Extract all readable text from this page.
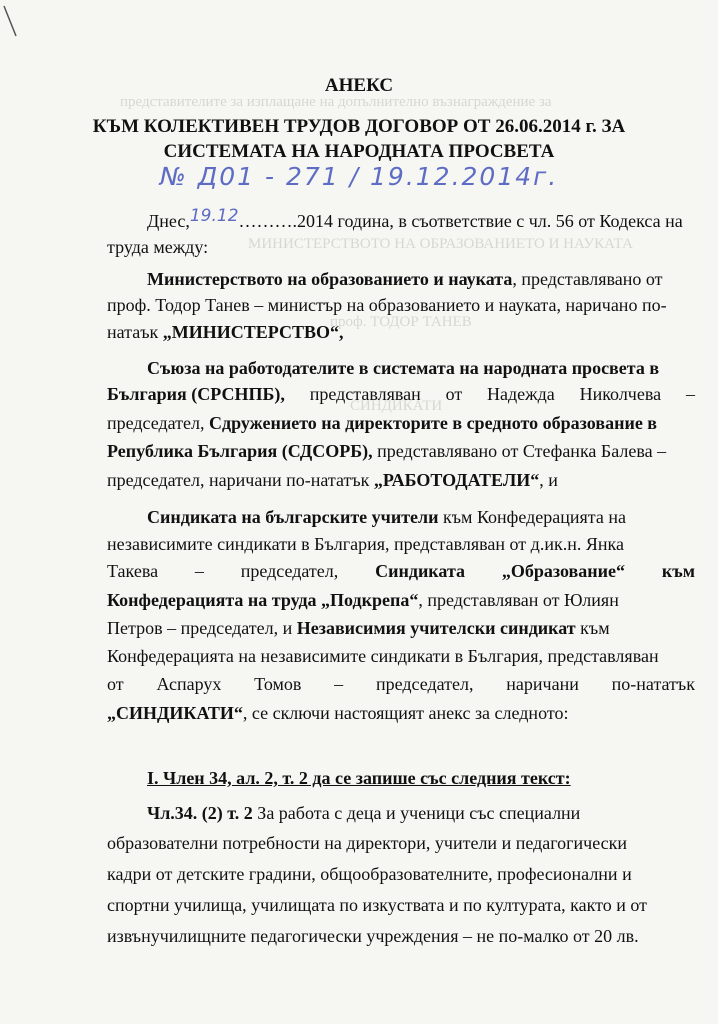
представителите за изплащане на допълнително възнаграждение за
МИНИСТЕРСТВОТО НА ОБРАЗОВАНИЕТО И НАУКАТА
СИНДИКАТИ
проф. ТОДОР ТАНЕВ
АНЕКС
КЪМ КОЛЕКТИВЕН ТРУДОВ ДОГОВОР ОТ 26.06.2014 г. ЗА
СИСТЕМАТА НА НАРОДНАТА ПРОСВЕТА
№ Д01 - 271 / 19.12.2014г.
Днес,19.12……….2014 година, в съответствие с чл. 56 от Кодекса на
труда между:
Министерството на образованието и науката, представлявано от
проф. Тодор Танев – министър на образованието и науката, наричано по-
натаък „МИНИСТЕРСТВО“,
Съюза на работодателите в системата на народната просвета в
България (СРСНПБ), представляван от Надежда Николчева –
председател, Сдружението на директорите в средното образование в
Република България (СДСОРБ), представлявано от Стефанка Балева –
председател, наричани по-нататък „РАБОТОДАТЕЛИ“, и
Синдиката на българските учители към Конфедерацията на
независимите синдикати в България, представляван от д.ик.н. Янка
Такева – председател, Синдиката „Образование“ към
Конфедерацията на труда „Подкрепа“, представляван от Юлиян
Петров – председател, и Независимия учителски синдикат към
Конфедерацията на независимите синдикати в България, представляван
от Аспарух Томов – председател, наричани по-нататък
„СИНДИКАТИ“, се сключи настоящият анекс за следното:
I. Член 34, ал. 2, т. 2 да се запише със следния текст:
Чл.34. (2) т. 2 За работа с деца и ученици със специални
образователни потребности на директори, учители и педагогически
кадри от детските градини, общообразователните, професионални и
спортни училища, училищата по изкуствата и по културата, както и от
извънучилищните педагогически учреждения – не по-малко от 20 лв.
